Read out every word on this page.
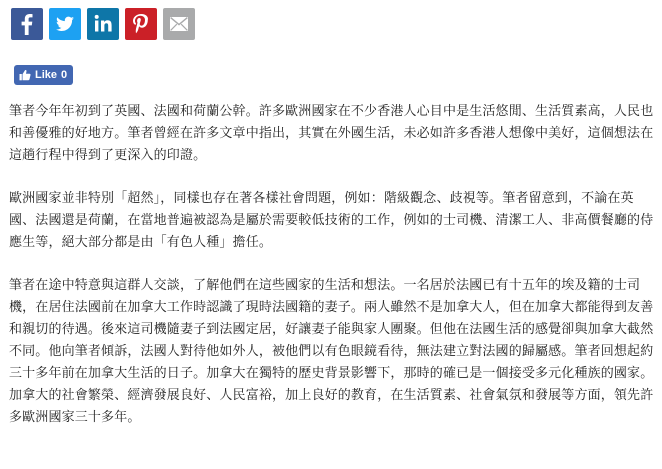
Like 0

筆者今年年初到了英國、法國和荷蘭公幹。許多歐洲國家在不少香港人心目中是生活悠閒、生活質素高，人民也和善優雅的好地方。筆者曾經在許多文章中指出，其實在外國生活，未必如許多香港人想像中美好，這個想法在這趟行程中得到了更深入的印證。

歐洲國家並非特別「超然」，同樣也存在著各樣社會問題，例如：階級觀念、歧視等。筆者留意到，不論在英國、法國還是荷蘭，在當地普遍被認為是屬於需要較低技術的工作，例如的士司機、清潔工人、非高價餐廳的侍應生等，絕大部分都是由「有色人種」擔任。

筆者在途中特意與這群人交談，了解他們在這些國家的生活和想法。一名居於法國已有十五年的埃及籍的士司機，在居住法國前在加拿大工作時認識了現時法國籍的妻子。兩人雖然不是加拿大人，但在加拿大都能得到友善和親切的待遇。後來這司機隨妻子到法國定居，好讓妻子能與家人團聚。但他在法國生活的感覺卻與加拿大截然不同。他向筆者傾訴，法國人對待他如外人，被他們以有色眼鏡看待，無法建立對法國的歸屬感。筆者回想起約三十多年前在加拿大生活的日子。加拿大在獨特的歷史背景影響下，那時的確已是一個接受多元化種族的國家。加拿大的社會繁榮、經濟發展良好、人民富裕，加上良好的教育，在生活質素、社會氣氛和發展等方面，領先許多歐洲國家三十多年。
